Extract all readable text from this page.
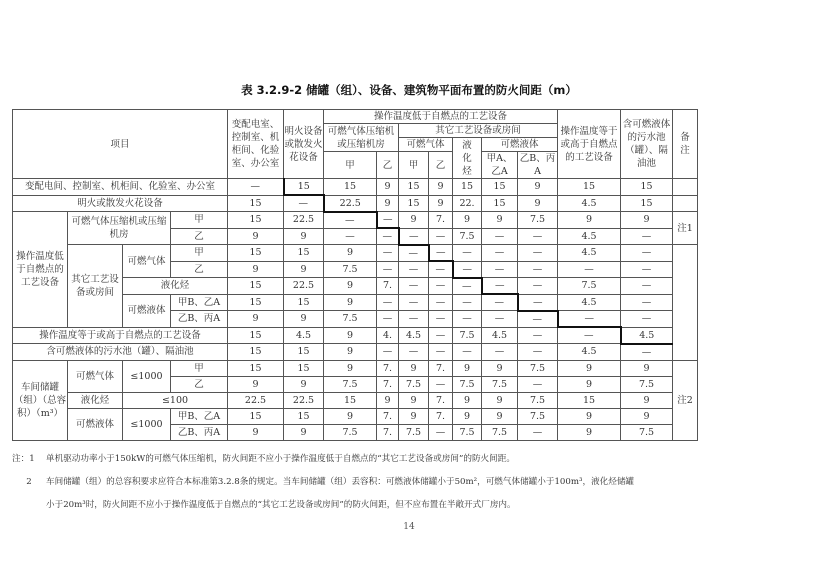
表 3.2.9-2 储罐（组）、设备、建筑物平面布置的防火间距（m）
项目				变配电室、控制室、机柜间、化验室、办公室	明火设备或散发火花设备	操作温度低于自燃点的工艺设备							操作温度等于或高于自燃点的工艺设备	含可燃液体的污水池（罐）、隔油池	备注
						可燃气体压缩机或压缩机房		其它工艺设备或房间							
								可燃气体		液化烃	可燃液体				
						甲	乙	甲	乙		甲A、乙A	乙B、丙A			
变配电间、控制室、机柜间、化验室、办公室				—	15	15	9	15	9	15	15	9	15	15	
明火或散发火花设备				15	—	22.5	9	15	9	22.	15	9	4.5	15	
操作温度低于自燃点的工艺设备	可燃气体压缩机或压缩机房		甲	15	22.5	—	—	9	7.	9	9	7.5	9	9	注1
			乙	9	9	—	—	—	—	7.5	—	—	4.5	—	
	其它工艺设备或房间	可燃气体	甲	15	15	9	—	—	—	—	—	—	4.5	—	
			乙	9	9	7.5	—	—	—	—	—	—	—	—	
		液化烃		15	22.5	9	7.	—	—	—	—	—	7.5	—	
		可燃液体	甲B、乙A	15	15	9	—	—	—	—	—	—	4.5	—	
			乙B、丙A	9	9	7.5	—	—	—	—	—	—	—	—	
操作温度等于或高于自燃点的工艺设备				15	4.5	9	4.	4.5	—	7.5	4.5	—	—	4.5	
含可燃液体的污水池（罐）、隔油池				15	15	9	—	—	—	—	—	—	4.5	—	
车间储罐（组）（总容积）（m³）	可燃气体	≤1000	甲	15	15	9	7.	9	7.	9	9	7.5	9	9	注2
			乙	9	9	7.5	7.	7.5	—	7.5	7.5	—	9	7.5	
	液化烃	≤100		22.5	22.5	15	9	9	7.	9	9	7.5	15	9	
	可燃液体	≤1000	甲B、乙A	15	15	9	7.	9	7.	9	9	7.5	9	9	
			乙B、丙A	9	9	7.5	7.	7.5	—	7.5	7.5	—	9	7.5	
注：1 单机驱动功率小于150kW的可燃气体压缩机，防火间距不应小于操作温度低于自燃点的“其它工艺设备或房间”的防火间距。
2 车间储罐（组）的总容积要求应符合本标准第3.2.8条的规定。当车间储罐（组）丢容积：可燃液体储罐小于50m²，可燃气体储罐小于100m³，液化烃储罐
小于20m³时，防火间距不应小于操作温度低于自燃点的“其它工艺设备或房间”的防火间距，但不应布置在半敞开式厂房内。
14
